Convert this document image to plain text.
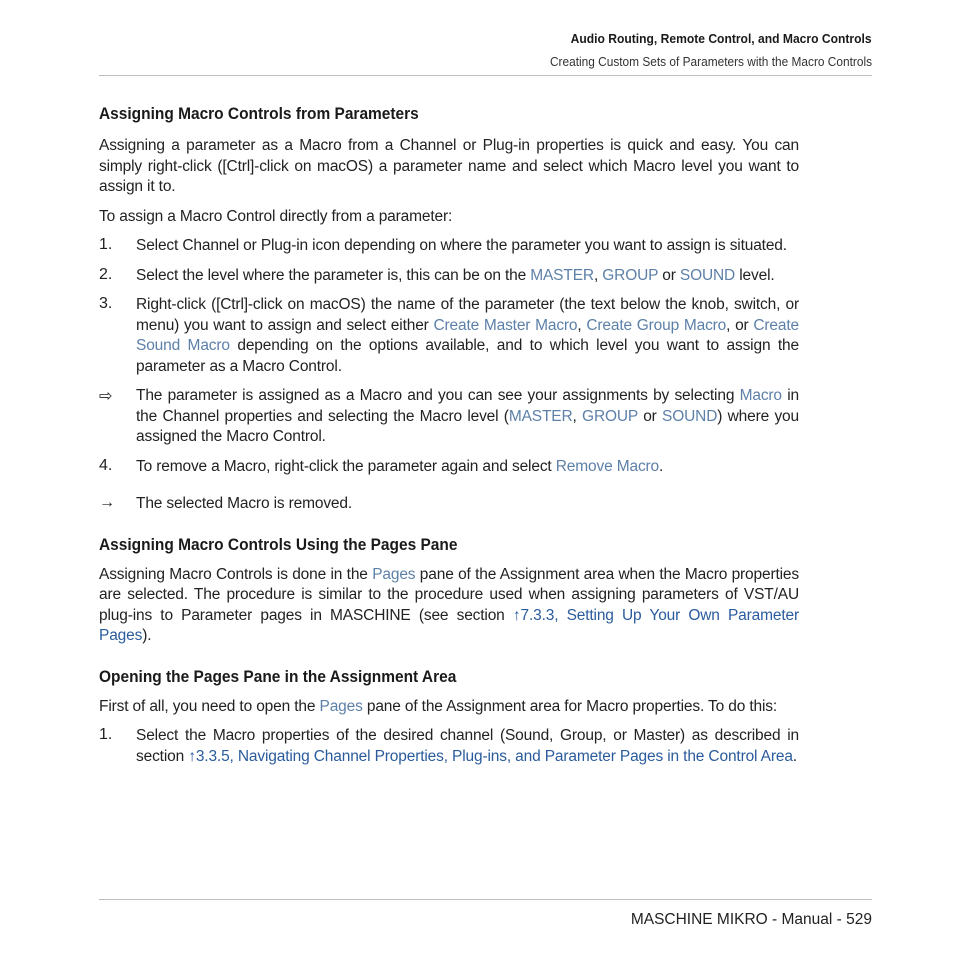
Audio Routing, Remote Control, and Macro Controls
Creating Custom Sets of Parameters with the Macro Controls
Assigning Macro Controls from Parameters

Assigning a parameter as a Macro from a Channel or Plug-in properties is quick and easy. You can simply right-click ([Ctrl]-click on macOS) a parameter name and select which Macro level you want to assign it to.

To assign a Macro Control directly from a parameter:

1. Select Channel or Plug-in icon depending on where the parameter you want to assign is situated.

2. Select the level where the parameter is, this can be on the MASTER, GROUP or SOUND level.

3. Right-click ([Ctrl]-click on macOS) the name of the parameter (the text below the knob, switch, or menu) you want to assign and select either Create Master Macro, Create Group Macro, or Create Sound Macro depending on the options available, and to which level you want to assign the parameter as a Macro Control.

⇨ The parameter is assigned as a Macro and you can see your assignments by selecting Macro in the Channel properties and selecting the Macro level (MASTER, GROUP or SOUND) where you assigned the Macro Control.

4. To remove a Macro, right-click the parameter again and select Remove Macro.

→ The selected Macro is removed.

Assigning Macro Controls Using the Pages Pane

Assigning Macro Controls is done in the Pages pane of the Assignment area when the Macro properties are selected. The procedure is similar to the procedure used when assigning parameters of VST/AU plug-ins to Parameter pages in MASCHINE (see section ↑7.3.3, Setting Up Your Own Parameter Pages).

Opening the Pages Pane in the Assignment Area

First of all, you need to open the Pages pane of the Assignment area for Macro properties. To do this:

1. Select the Macro properties of the desired channel (Sound, Group, or Master) as described in section ↑3.3.5, Navigating Channel Properties, Plug-ins, and Parameter Pages in the Control Area.

MASCHINE MIKRO - Manual - 529
